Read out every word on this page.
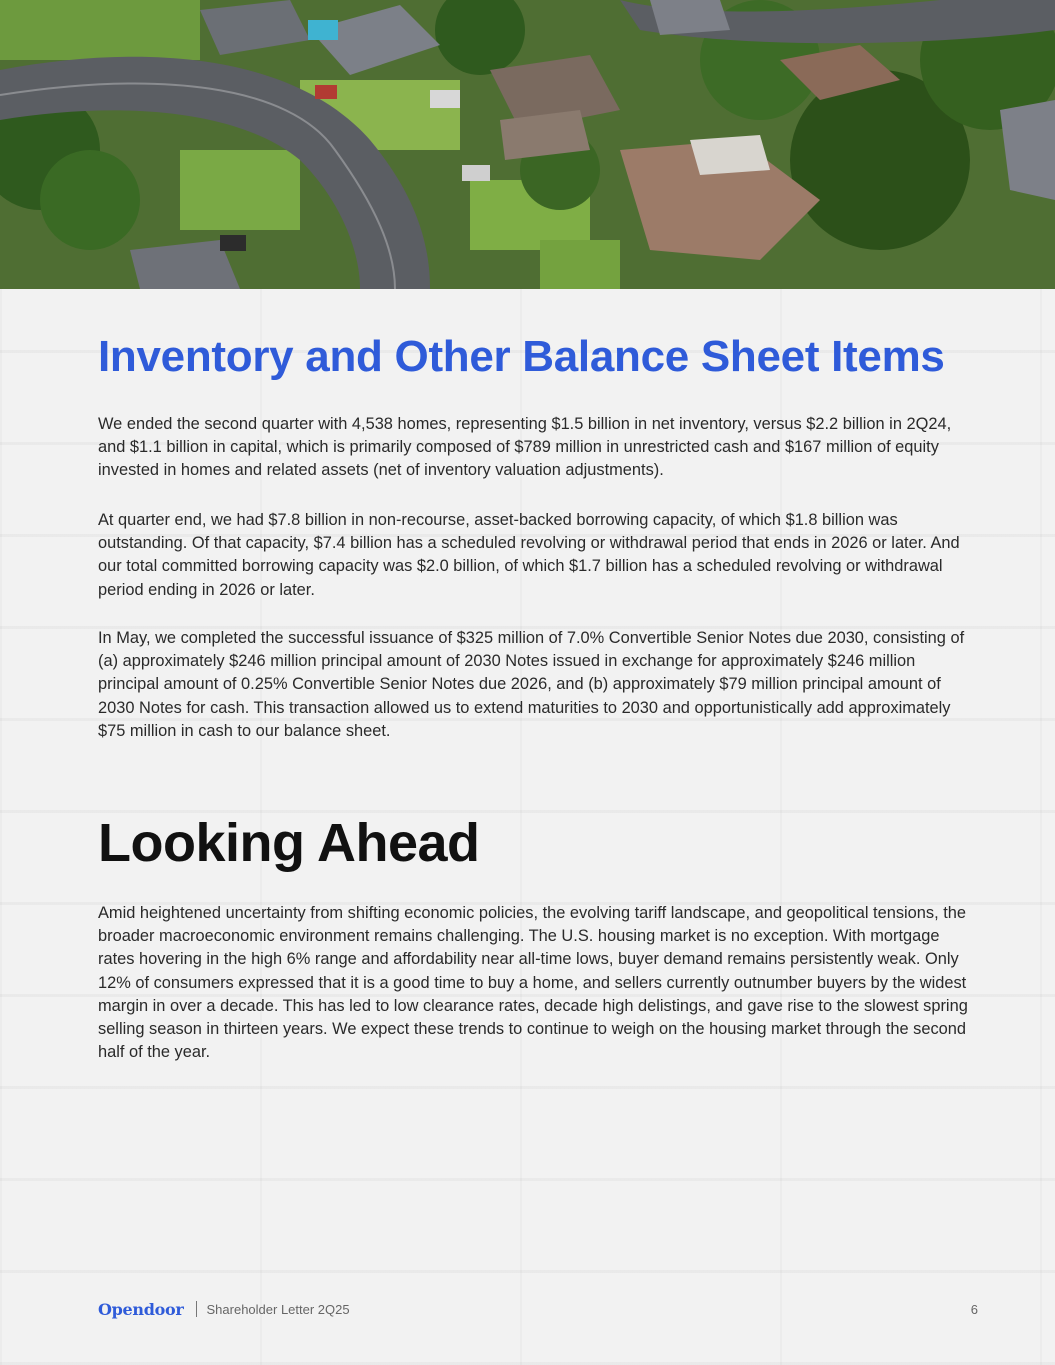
Inventory and Other Balance Sheet Items

We ended the second quarter with 4,538 homes, representing $1.5 billion in net inventory, versus $2.2 billion in 2Q24, and $1.1 billion in capital, which is primarily composed of $789 million in unrestricted cash and $167 million of equity invested in homes and related assets (net of inventory valuation adjustments).

At quarter end, we had $7.8 billion in non-recourse, asset-backed borrowing capacity, of which $1.8 billion was outstanding. Of that capacity, $7.4 billion has a scheduled revolving or withdrawal period that ends in 2026 or later. And our total committed borrowing capacity was $2.0 billion, of which $1.7 billion has a scheduled revolving or withdrawal period ending in 2026 or later.

In May, we completed the successful issuance of $325 million of 7.0% Convertible Senior Notes due 2030, consisting of (a) approximately $246 million principal amount of 2030 Notes issued in exchange for approximately $246 million principal amount of 0.25% Convertible Senior Notes due 2026, and (b) approximately $79 million principal amount of 2030 Notes for cash. This transaction allowed us to extend maturities to 2030 and opportunistically add approximately $75 million in cash to our balance sheet.

Looking Ahead

Amid heightened uncertainty from shifting economic policies, the evolving tariff landscape, and geopolitical tensions, the broader macroeconomic environment remains challenging. The U.S. housing market is no exception. With mortgage rates hovering in the high 6% range and affordability near all-time lows, buyer demand remains persistently weak. Only 12% of consumers expressed that it is a good time to buy a home, and sellers currently outnumber buyers by the widest margin in over a decade. This has led to low clearance rates, decade high delistings, and gave rise to the slowest spring selling season in thirteen years. We expect these trends to continue to weigh on the housing market through the second half of the year.

Opendoor Shareholder Letter 2Q25	6
